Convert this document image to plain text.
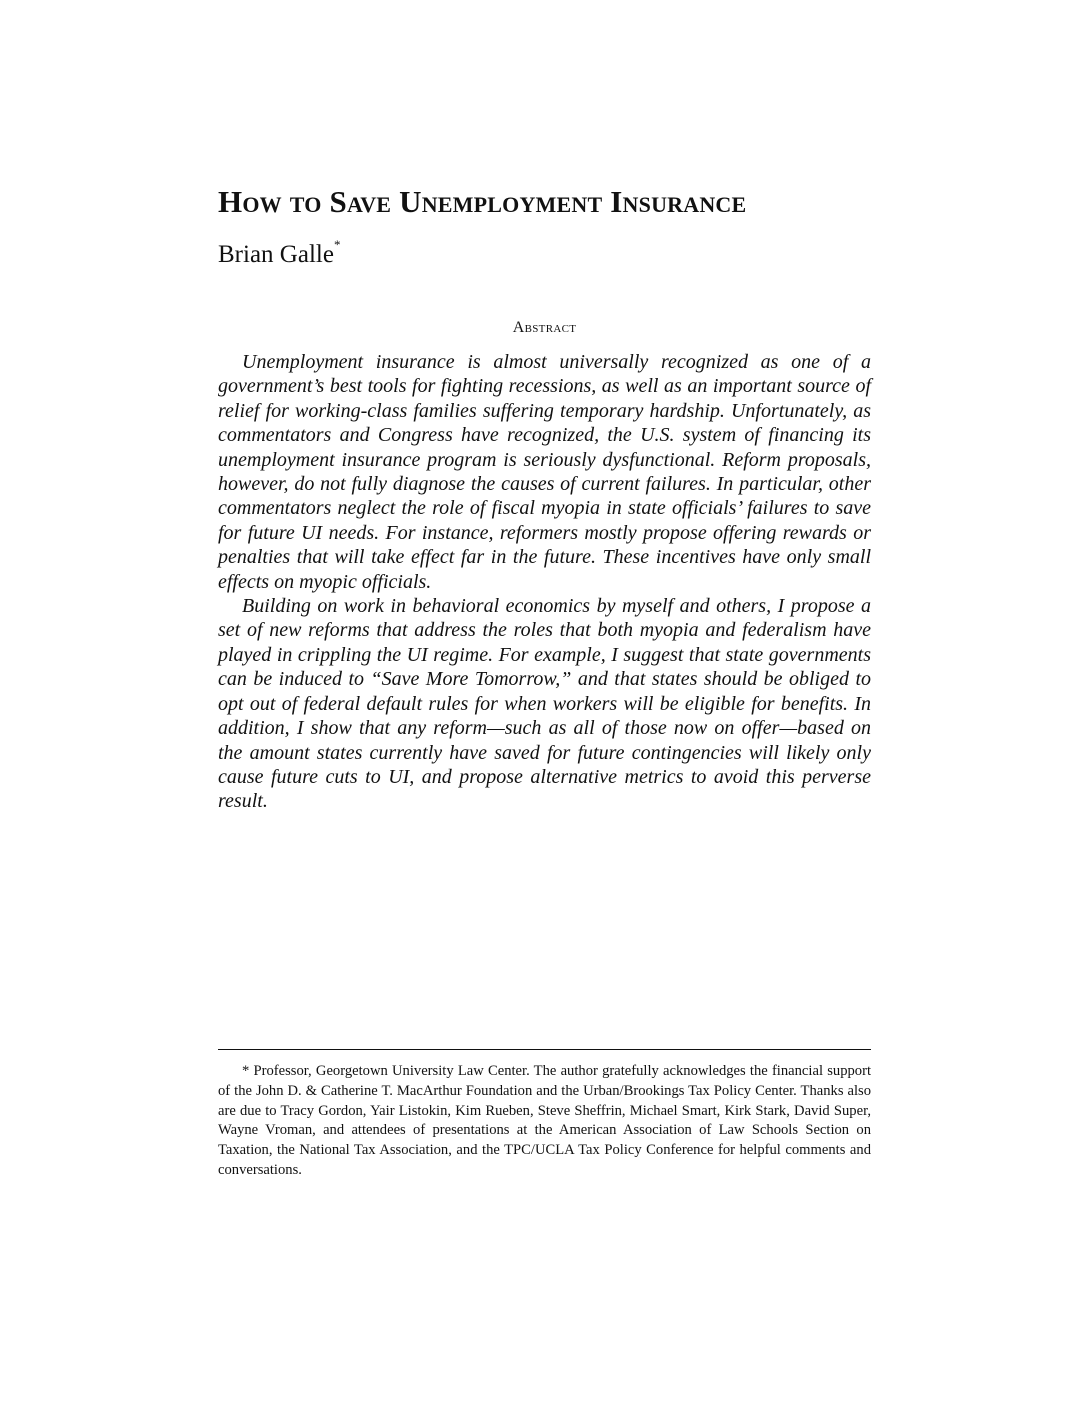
How to Save Unemployment Insurance
Brian Galle*
Abstract

Unemployment insurance is almost universally recognized as one of a government’s best tools for fighting recessions, as well as an important source of relief for working-class families suffering temporary hardship. Unfortunately, as commentators and Congress have recognized, the U.S. system of financing its unemployment insurance program is seriously dysfunctional. Reform proposals, however, do not fully diagnose the causes of current failures. In particular, other commentators neglect the role of fiscal myopia in state officials’ failures to save for future UI needs. For instance, reformers mostly propose offering rewards or penalties that will take effect far in the future. These incentives have only small effects on myopic officials.

Building on work in behavioral economics by myself and others, I propose a set of new reforms that address the roles that both myopia and federalism have played in crippling the UI regime. For example, I suggest that state governments can be induced to “Save More Tomorrow,” and that states should be obliged to opt out of federal default rules for when workers will be eligible for benefits. In addition, I show that any reform—such as all of those now on offer—based on the amount states currently have saved for future contingencies will likely only cause future cuts to UI, and propose alternative metrics to avoid this perverse result.

* Professor, Georgetown University Law Center. The author gratefully acknowledges the financial support of the John D. & Catherine T. MacArthur Foundation and the Urban/Brookings Tax Policy Center. Thanks also are due to Tracy Gordon, Yair Listokin, Kim Rueben, Steve Sheffrin, Michael Smart, Kirk Stark, David Super, Wayne Vroman, and attendees of presentations at the American Association of Law Schools Section on Taxation, the National Tax Association, and the TPC/UCLA Tax Policy Conference for helpful comments and conversations.
